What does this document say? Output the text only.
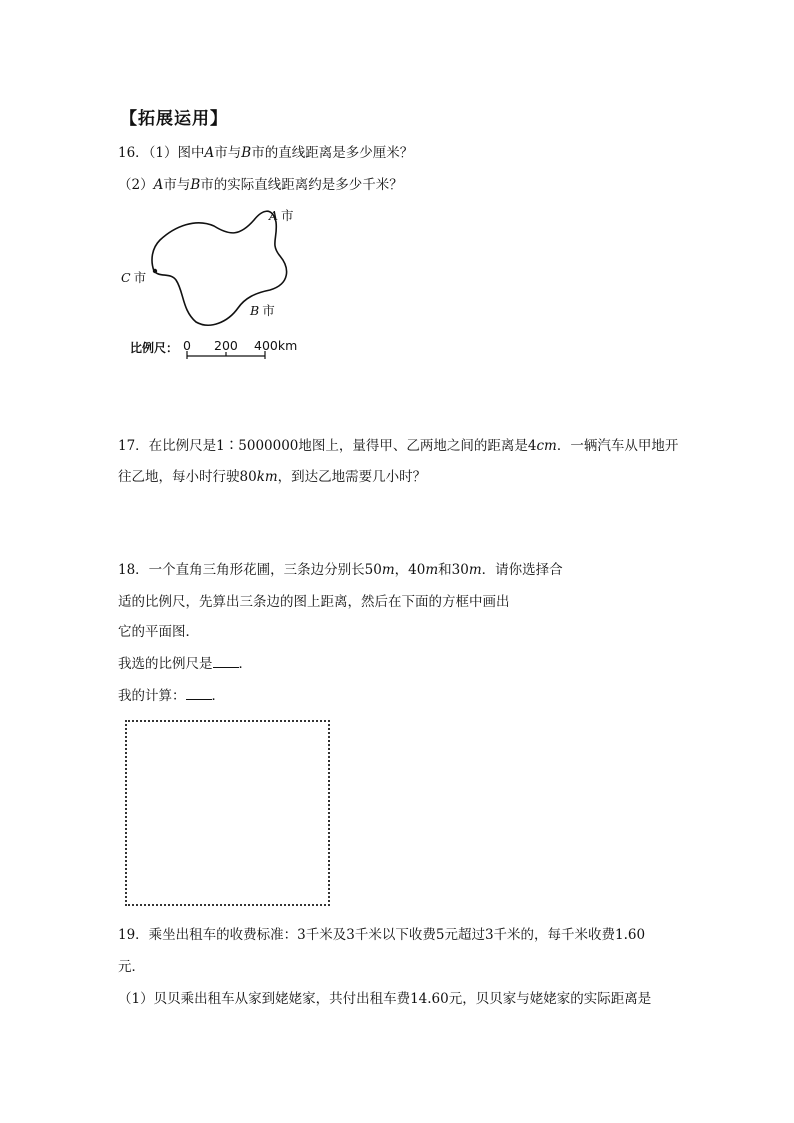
【拓展运用】
16．（1）图中A市与B市的直线距离是多少厘米？
（2）A市与B市的实际直线距离约是多少千米？
A 市
C 市
B 市
比例尺： 0 200 400km
17．在比例尺是1∶5000000地图上，量得甲、乙两地之间的距离是4cm．一辆汽车从甲地开
往乙地，每小时行驶80km，到达乙地需要几小时？
18．一个直角三角形花圃，三条边分别长50m，40m和30m．请你选择合
适的比例尺，先算出三条边的图上距离，然后在下面的方框中画出
它的平面图．
我选的比例尺是 ．
我的计算： ．
19．乘坐出租车的收费标准：3千米及3千米以下收费5元超过3千米的，每千米收费1.60
元．
（1）贝贝乘出租车从家到姥姥家，共付出租车费14.60元，贝贝家与姥姥家的实际距离是
